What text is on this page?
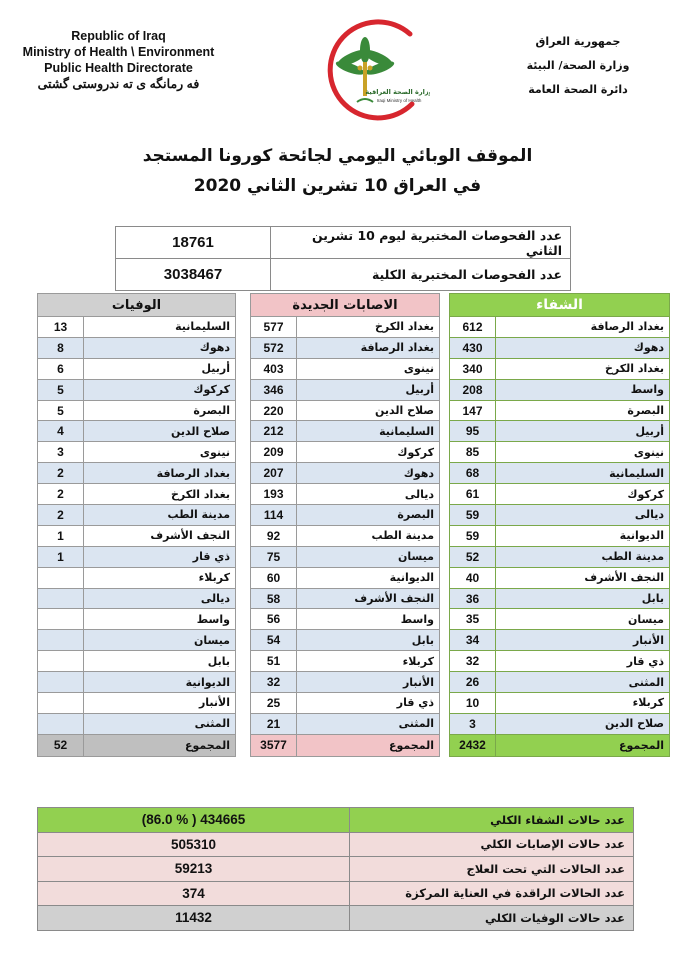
Republic of Iraq
Ministry of Health \ Environment
Public Health Directorate
فه رمانگه ى ته ندروستى گشتى
وزارة الصحة العراقية
Iraqi Ministry of Health
جمهورية العراق
وزارة الصحة/ البيئة
دائرة الصحة العامة
الموقف الوبائي اليومي لجائحة كورونا المستجد
في العراق 10 تشرين الثاني 2020
عدد الفحوصات المختبرية ليوم 10 تشرين الثاني	18761
عدد الفحوصات المختبرية الكلية	3038467
الشفاء	
بغداد الرصافة	612
دهوك	430
بغداد الكرخ	340
واسط	208
البصرة	147
أربيل	95
نينوى	85
السليمانية	68
كركوك	61
ديالى	59
الديوانية	59
مدينة الطب	52
النجف الأشرف	40
بابل	36
ميسان	35
الأنبار	34
ذي قار	32
المثنى	26
كربلاء	10
صلاح الدين	3
المجموع	2432
الاصابات الجديدة	
بغداد الكرخ	577
بغداد الرصافة	572
نينوى	403
أربيل	346
صلاح الدين	220
السليمانية	212
كركوك	209
دهوك	207
ديالى	193
البصرة	114
مدينة الطب	92
ميسان	75
الديوانية	60
النجف الأشرف	58
واسط	56
بابل	54
كربلاء	51
الأنبار	32
ذي قار	25
المثنى	21
المجموع	3577
الوفيات	
السليمانية	13
دهوك	8
أربيل	6
كركوك	5
البصرة	5
صلاح الدين	4
نينوى	3
بغداد الرصافة	2
بغداد الكرخ	2
مدينة الطب	2
النجف الأشرف	1
ذي قار	1
كربلاء	
ديالى	
واسط	
ميسان	
بابل	
الديوانية	
الأنبار	
المثنى	
المجموع	52
عدد حالات الشفاء الكلي	434665 ( % 86.0)
عدد حالات الإصابات الكلي	505310
عدد الحالات التي تحت العلاج	59213
عدد الحالات الراقدة في العناية المركزة	374
عدد حالات الوفيات الكلي	11432
